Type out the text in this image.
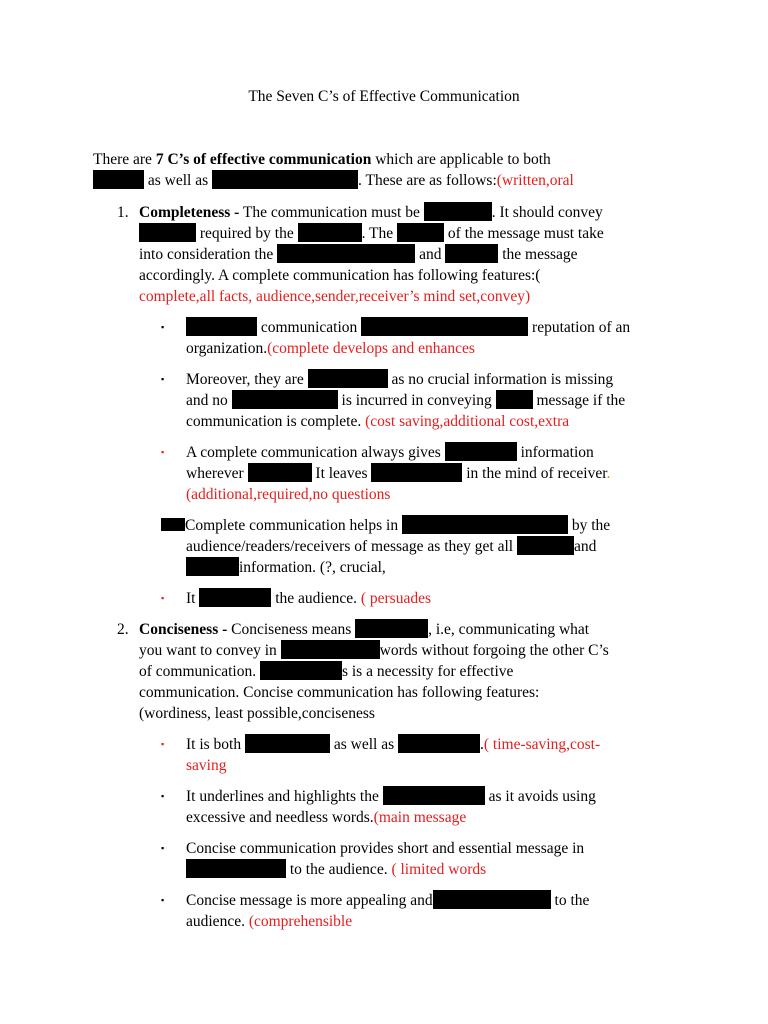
The Seven C’s of Effective Communication
There are 7 C’s of effective communication which are applicable to both
as well as	. These are as follows:(written,oral
1. Completeness - The communication must be	. It should convey
required by the	. The	of the message must take
into consideration the	and	the message
accordingly. A complete communication has following features:(
complete,all facts, audience,sender,receiver’s mind set,convey)
▪	communication	reputation of an
organization.(complete develops and enhances
▪ Moreover, they are	as no crucial information is missing
and no	is incurred in conveying  message if the
communication is complete. (cost saving,additional cost,extra
▪ A complete communication always gives	information
wherever	It leaves	in the mind of receiver.
(additional,required,no questions
Complete communication helps in	by the
audience/readers/receivers of message as they get all	and
information. (?, crucial,
▪ It	the audience. ( persuades
2. Conciseness - Conciseness means	, i.e, communicating what
you want to convey in	words without forgoing the other C’s
of communication.	s is a necessity for effective
communication. Concise communication has following features:
(wordiness, least possible,conciseness
▪ It is both	as well as	.( time-saving,cost-
saving
▪ It underlines and highlights the	as it avoids using
excessive and needless words.(main message
▪ Concise communication provides short and essential message in
to the audience. ( limited words
▪ Concise message is more appealing and	to the
audience. (comprehensible
